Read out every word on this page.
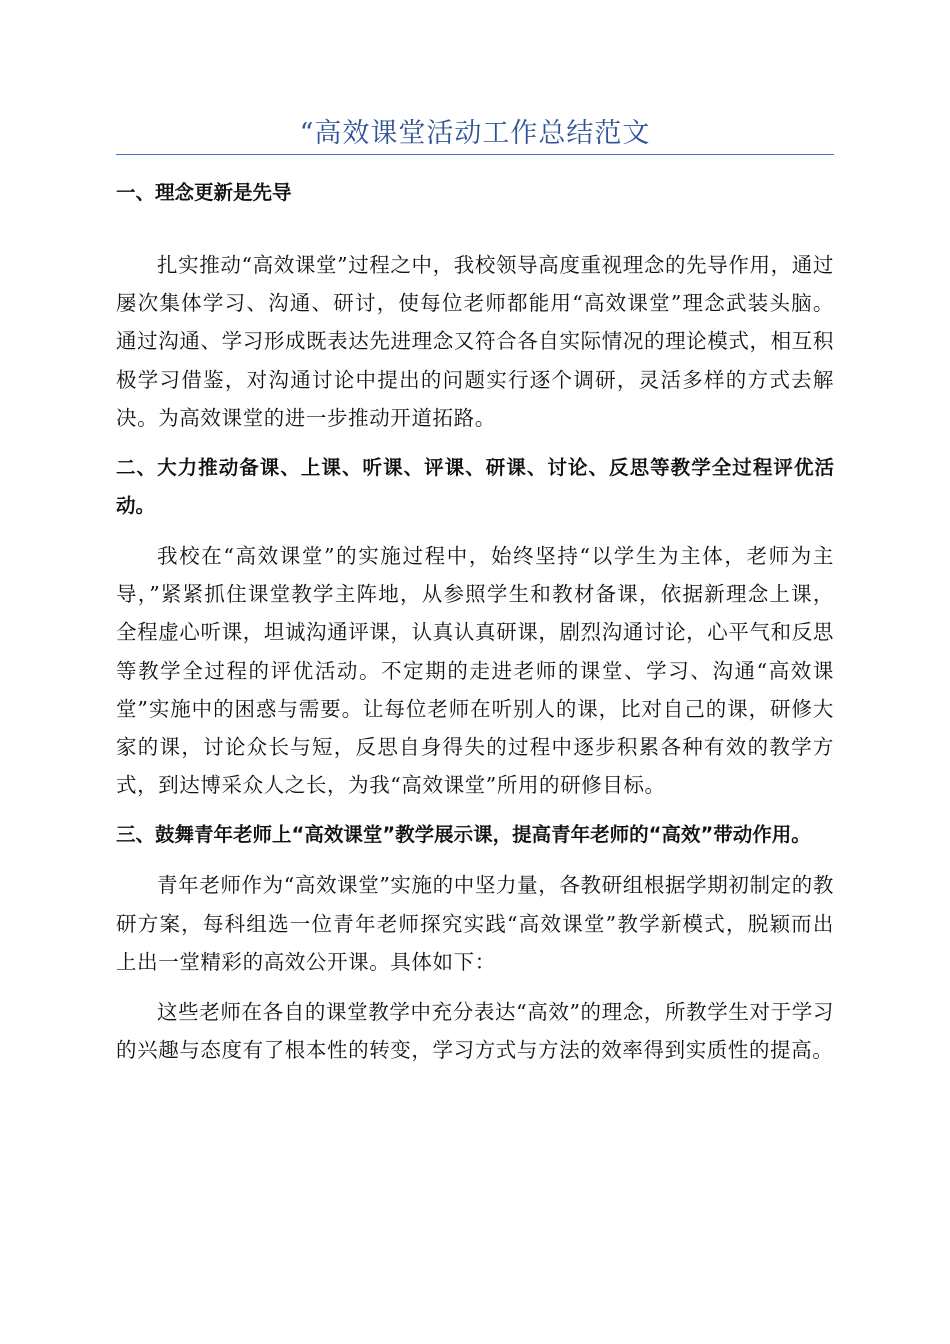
“高效课堂活动工作总结范文
一、理念更新是先导

扎实推动“高效课堂”过程之中，我校领导高度重视理念的先导作用，通过屡次集体学习、沟通、研讨，使每位老师都能用“高效课堂”理念武装头脑。通过沟通、学习形成既表达先进理念又符合各自实际情况的理论模式，相互积极学习借鉴，对沟通讨论中提出的问题实行逐个调研，灵活多样的方式去解决。为高效课堂的进一步推动开道拓路。

二、大力推动备课、上课、听课、评课、研课、讨论、反思等教学全过程评优活动。

我校在“高效课堂”的实施过程中，始终坚持“以学生为主体，老师为主导，”紧紧抓住课堂教学主阵地，从参照学生和教材备课，依据新理念上课，全程虚心听课，坦诚沟通评课，认真认真研课，剧烈沟通讨论，心平气和反思等教学全过程的评优活动。不定期的走进老师的课堂、学习、沟通“高效课堂”实施中的困惑与需要。让每位老师在听别人的课，比对自己的课，研修大家的课，讨论众长与短，反思自身得失的过程中逐步积累各种有效的教学方式，到达博采众人之长，为我“高效课堂”所用的研修目标。

三、鼓舞青年老师上“高效课堂”教学展示课，提高青年老师的“高效”带动作用。

青年老师作为“高效课堂”实施的中坚力量，各教研组根据学期初制定的教研方案，每科组选一位青年老师探究实践“高效课堂”教学新模式，脱颖而出上出一堂精彩的高效公开课。具体如下：

这些老师在各自的课堂教学中充分表达“高效”的理念，所教学生对于学习的兴趣与态度有了根本性的转变，学习方式与方法的效率得到实质性的提高。
